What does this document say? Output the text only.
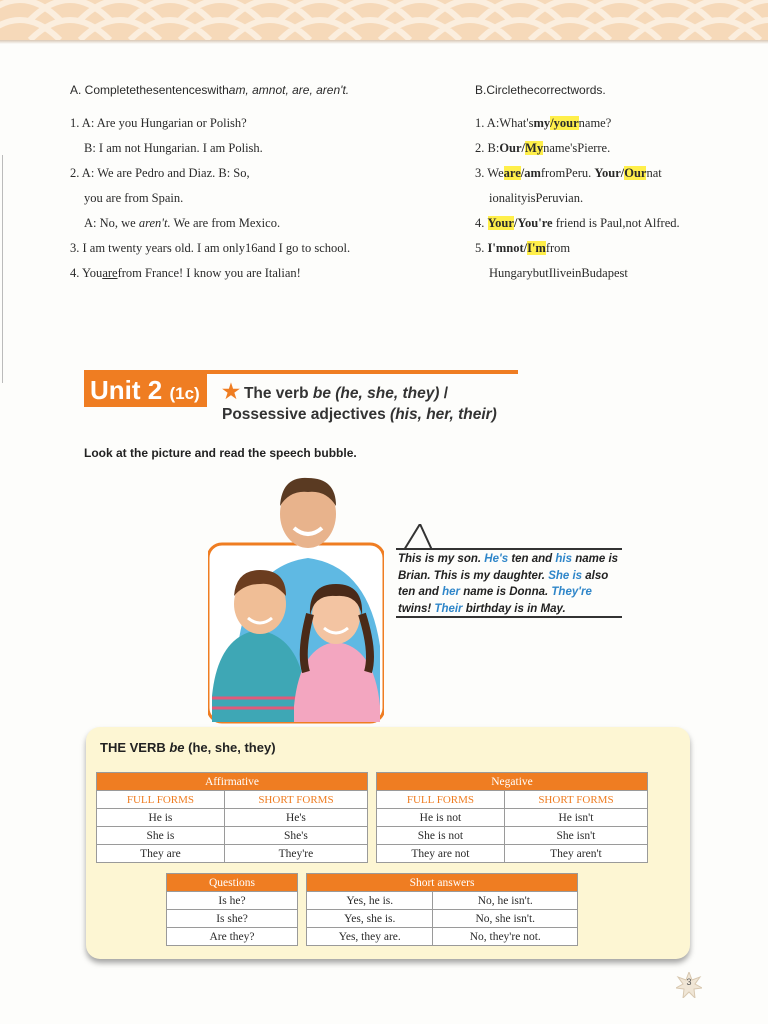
A. Completethesentenceswitham, amnot, are, aren't.
1. A: Are you Hungarian or Polish?
B: I am not Hungarian. I am Polish.
2. A: We are Pedro and Diaz. B: So,
you are from Spain.
A: No, we aren't. We are from Mexico.
3. I am twenty years old. I am only16and I go to school.
4. Youarefrom France! I know you are Italian!
B.Circlethecorrectwords.
1. A:What'smy/yourname?
2. B:Our/Myname'sPierre.
3. Weare/amfromPeru. Your/Ournat
ionalityisPeruvian.
4. Your/You're friend is Paul,not Alfred.
5. I'mnot/I'mfrom
HungarybutIliveinBudapest
Unit 2 (1c)	★ The verb be (he, she, they) /
Possessive adjectives (his, her, their)
Look at the picture and read the speech bubble.
This is my son. He's ten and his name is Brian. This is my daughter. She is also ten and her name is Donna. They're twins! Their birthday is in May.
THE VERB be (he, she, they)
Affirmative	
FULL FORMS	SHORT FORMS
He is	He's
She is	She's
They are	They're
Negative	
FULL FORMS	SHORT FORMS
He is not	He isn't
She is not	She isn't
They are not	They aren't
Questions
Is he?
Is she?
Are they?
Short answers	
Yes, he is.	No, he isn't.
Yes, she is.	No, she isn't.
Yes, they are.	No, they're not.
3
